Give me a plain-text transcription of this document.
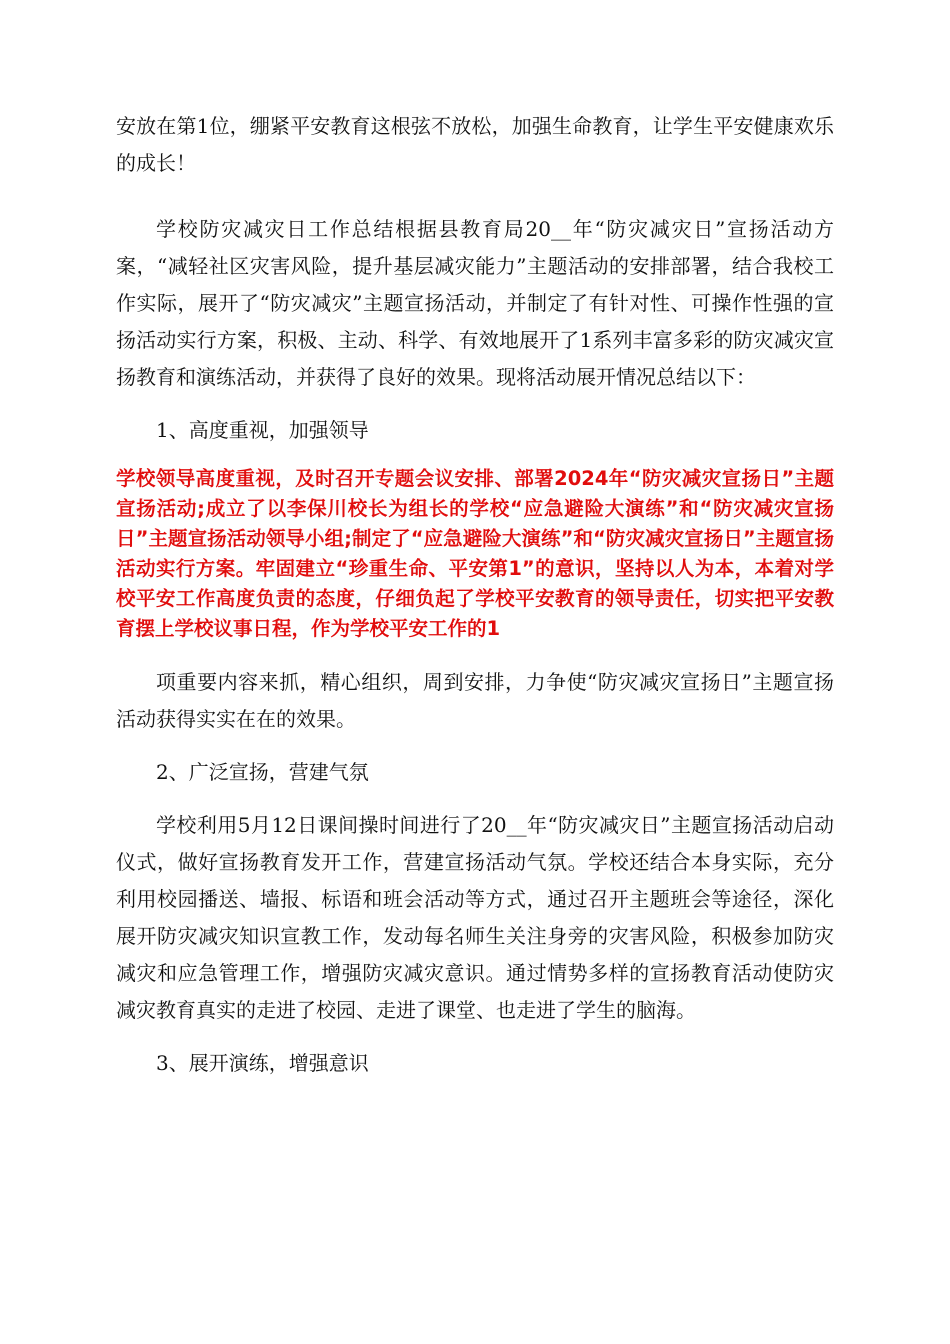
安放在第1位，绷紧平安教育这根弦不放松，加强生命教育，让学生平安健康欢乐的成长！

学校防灾减灾日工作总结根据县教育局20__年“防灾减灾日”宣扬活动方案，“减轻社区灾害风险，提升基层减灾能力”主题活动的安排部署，结合我校工作实际，展开了“防灾减灾”主题宣扬活动，并制定了有针对性、可操作性强的宣扬活动实行方案，积极、主动、科学、有效地展开了1系列丰富多彩的防灾减灾宣扬教育和演练活动，并获得了良好的效果。现将活动展开情况总结以下：

1、高度重视，加强领导

学校领导高度重视，及时召开专题会议安排、部署2024年“防灾减灾宣扬日”主题宣扬活动;成立了以李保川校长为组长的学校“应急避险大演练”和“防灾减灾宣扬日”主题宣扬活动领导小组;制定了“应急避险大演练”和“防灾减灾宣扬日”主题宣扬活动实行方案。牢固建立“珍重生命、平安第1”的意识，坚持以人为本，本着对学校平安工作高度负责的态度，仔细负起了学校平安教育的领导责任，切实把平安教育摆上学校议事日程，作为学校平安工作的1

项重要内容来抓，精心组织，周到安排，力争使“防灾减灾宣扬日”主题宣扬活动获得实实在在的效果。

2、广泛宣扬，营建气氛

学校利用5月12日课间操时间进行了20__年“防灾减灾日”主题宣扬活动启动仪式，做好宣扬教育发开工作，营建宣扬活动气氛。学校还结合本身实际，充分利用校园播送、墙报、标语和班会活动等方式，通过召开主题班会等途径，深化展开防灾减灾知识宣教工作，发动每名师生关注身旁的灾害风险，积极参加防灾减灾和应急管理工作，增强防灾减灾意识。通过情势多样的宣扬教育活动使防灾减灾教育真实的走进了校园、走进了课堂、也走进了学生的脑海。

3、展开演练，增强意识
